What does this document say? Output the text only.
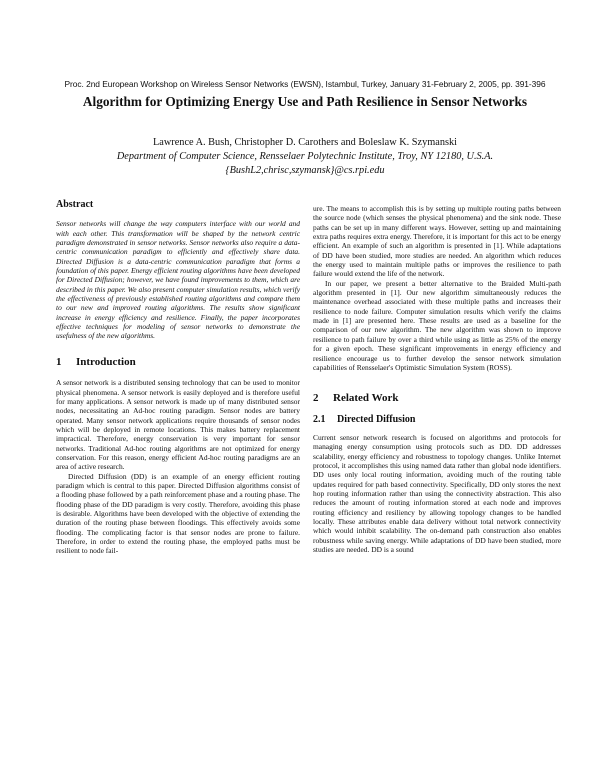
Proc. 2nd European Workshop on Wireless Sensor Networks (EWSN), Istambul, Turkey, January 31-February 2, 2005, pp. 391-396
Algorithm for Optimizing Energy Use and Path Resilience in Sensor Networks
Lawrence A. Bush, Christopher D. Carothers and Boleslaw K. Szymanski
Department of Computer Science, Rensselaer Polytechnic Institute, Troy, NY 12180, U.S.A.
{BushL2,chrisc,szymansk}@cs.rpi.edu
Abstract

Sensor networks will change the way computers interface with our world and with each other. This transformation will be shaped by the network centric paradigm demonstrated in sensor networks. Sensor networks also require a data-centric communication paradigm to efficiently and effectively share data. Directed Diffusion is a data-centric communication paradigm that forms a foundation of this paper. Energy efficient routing algorithms have been developed for Directed Diffusion; however, we have found improvements to them, which are described in this paper. We also present computer simulation results, which verify the effectiveness of previously established routing algorithms and compare them to our new and improved routing algorithms. The results show significant increase in energy efficiency and resilience. Finally, the paper incorporates effective techniques for modeling of sensor networks to demonstrate the usefulness of the new algorithms.

1 Introduction

A sensor network is a distributed sensing technology that can be used to monitor physical phenomena. A sensor network is easily deployed and is therefore useful for many applications. A sensor network is made up of many distributed sensor nodes, necessitating an Ad-hoc routing paradigm. Sensor nodes are battery operated. Many sensor network applications require thousands of sensor nodes which will be deployed in remote locations. This makes battery replacement impractical. Therefore, energy conservation is very important for sensor networks. Traditional Ad-hoc routing algorithms are not optimized for energy conservation. For this reason, energy efficient Ad-hoc routing paradigms are an area of active research.

Directed Diffusion (DD) is an example of an energy efficient routing paradigm which is central to this paper. Directed Diffusion algorithms consist of a flooding phase followed by a path reinforcement phase and a routing phase. The flooding phase of the DD paradigm is very costly. Therefore, avoiding this phase is desirable. Algorithms have been developed with the objective of extending the duration of the routing phase between floodings. This effectively avoids some flooding. The complicating factor is that sensor nodes are prone to failure. Therefore, in order to extend the routing phase, the employed paths must be resilient to node fail-

ure. The means to accomplish this is by setting up multiple routing paths between the source node (which senses the physical phenomena) and the sink node. These paths can be set up in many different ways. However, setting up and maintaining extra paths requires extra energy. Therefore, it is important for this act to be energy efficient. An example of such an algorithm is presented in [1]. While adaptations of DD have been studied, more studies are needed. An algorithm which reduces the energy used to maintain multiple paths or improves the resilience to path failure would extend the life of the network.

In our paper, we present a better alternative to the Braided Multi-path algorithm presented in [1]. Our new algorithm simultaneously reduces the maintenance overhead associated with these multiple paths and increases their resilience to node failure. Computer simulation results which verify the claims made in [1] are presented here. These results are used as a baseline for the comparison of our new algorithm. The new algorithm was shown to improve resilience to path failure by over a third while using as little as 25% of the energy for a given epoch. These significant improvements in energy efficiency and resilience encourage us to further develop the sensor network simulation capabilities of Rensselaer's Optimistic Simulation System (ROSS).

2 Related Work
2.1 Directed Diffusion

Current sensor network research is focused on algorithms and protocols for managing energy consumption using protocols such as DD. DD addresses scalability, energy efficiency and robustness to topology changes. Unlike Internet protocol, it accomplishes this using named data rather than global node identifiers. DD uses only local routing information, avoiding much of the routing table updates required for path based connectivity. Specifically, DD only stores the next hop routing information rather than using the connectivity abstraction. This also reduces the amount of routing information stored at each node and improves routing efficiency and resiliency by allowing topology changes to be handled locally. These attributes enable data delivery without total network connectivity which would inhibit scalability. The on-demand path construction also enables robustness while saving energy. While adaptations of DD have been studied, more studies are needed. DD is a sound
